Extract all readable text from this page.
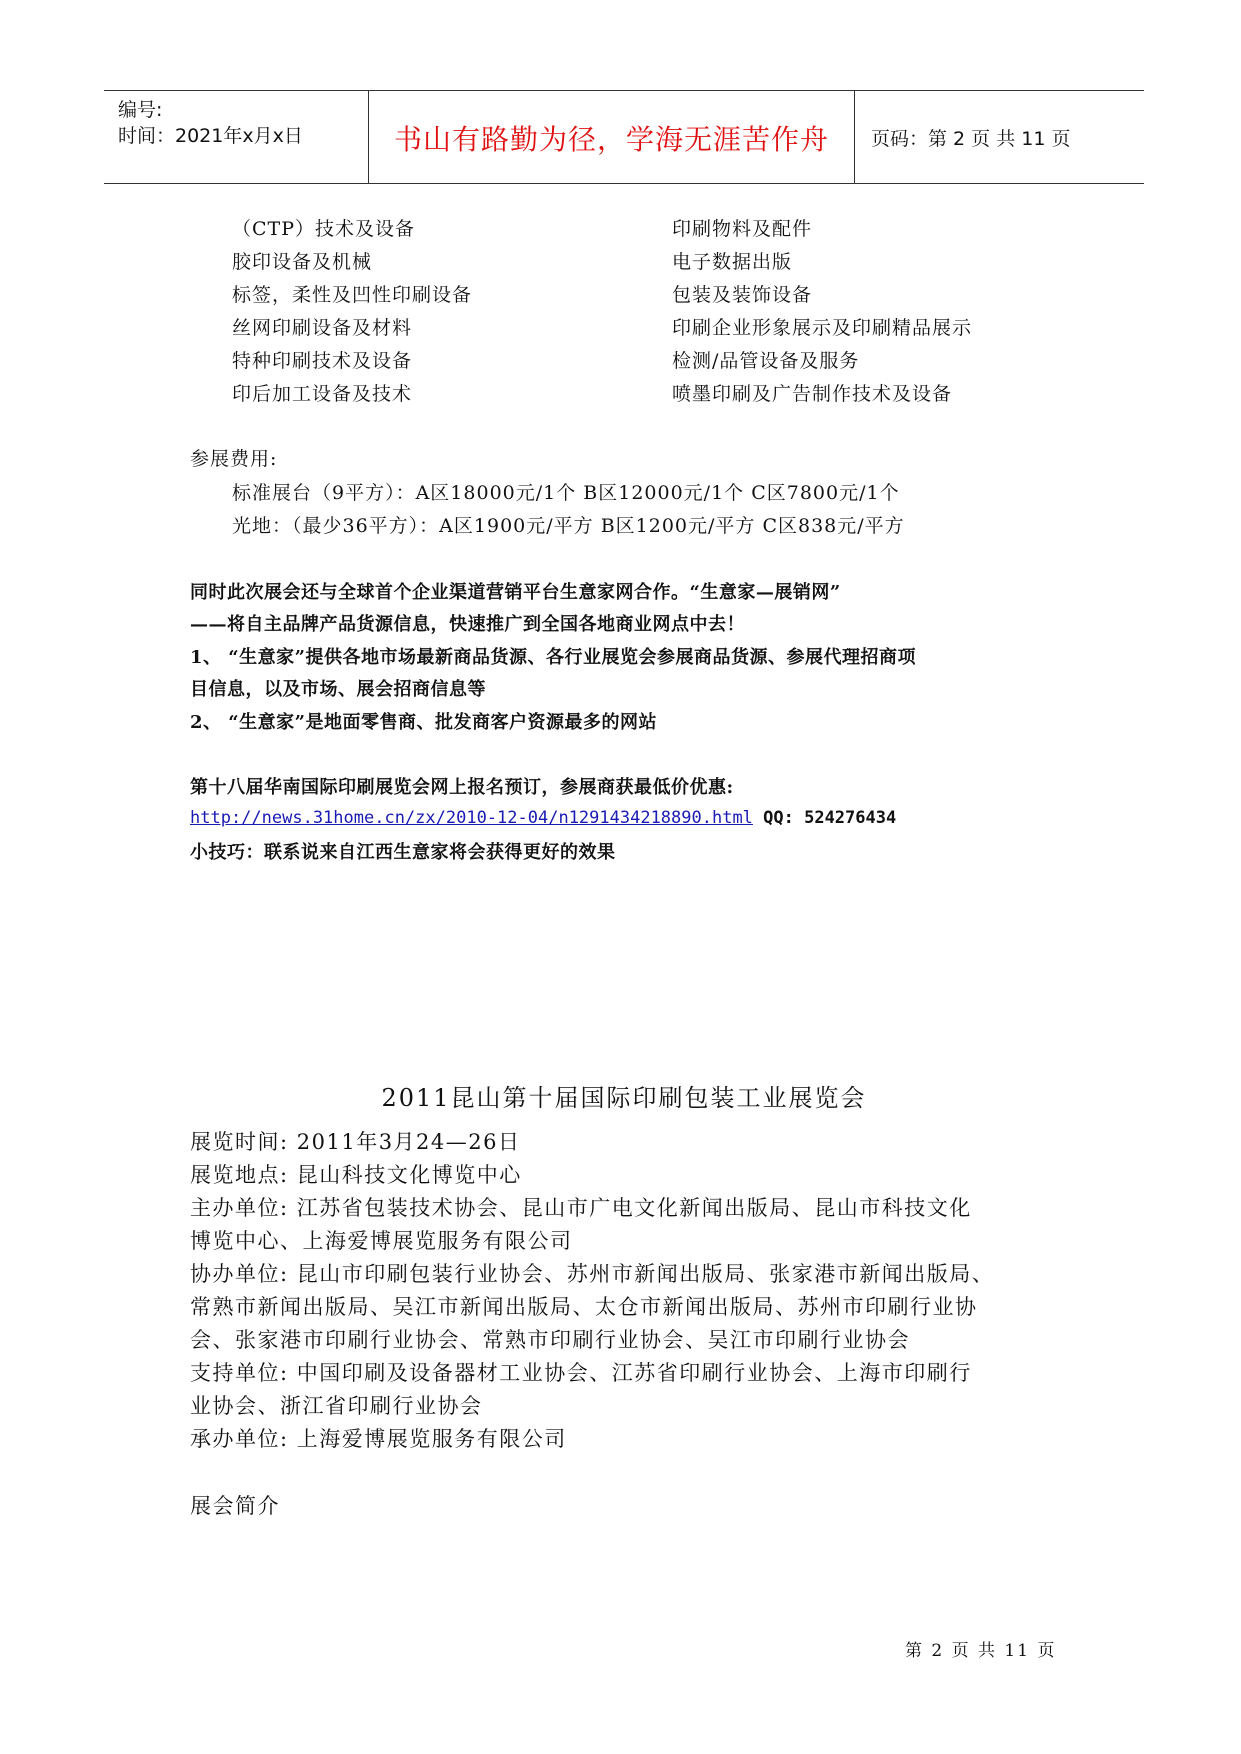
编号:
时间：2021年x月x日	书山有路勤为径，学海无涯苦作舟	页码：第 2 页 共 11 页
（CTP）技术及设备
胶印设备及机械
标签，柔性及凹性印刷设备
丝网印刷设备及材料
特种印刷技术及设备
印后加工设备及技术
印刷物料及配件
电子数据出版
包装及装饰设备
印刷企业形象展示及印刷精品展示
检测/品管设备及服务
喷墨印刷及广告制作技术及设备
参展费用:
标准展台（9平方）：A区18000元/1个 B区12000元/1个 C区7800元/1个
光地：（最少36平方）：A区1900元/平方 B区1200元/平方 C区838元/平方
同时此次展会还与全球首个企业渠道营销平台生意家网合作。“生意家—展销网”
——将自主品牌产品货源信息，快速推广到全国各地商业网点中去！
1、 “生意家”提供各地市场最新商品货源、各行业展览会参展商品货源、参展代理招商项
目信息，以及市场、展会招商信息等
2、 “生意家”是地面零售商、批发商客户资源最多的网站
第十八届华南国际印刷展览会网上报名预订，参展商获最低价优惠:
http://news.31home.cn/zx/2010-12-04/n1291434218890.html QQ: 524276434
小技巧：联系说来自江西生意家将会获得更好的效果
2011昆山第十届国际印刷包装工业展览会
展览时间: 2011年3月24—26日
展览地点: 昆山科技文化博览中心
主办单位: 江苏省包装技术协会、昆山市广电文化新闻出版局、昆山市科技文化
博览中心、上海爱博展览服务有限公司
协办单位: 昆山市印刷包装行业协会、苏州市新闻出版局、张家港市新闻出版局、
常熟市新闻出版局、吴江市新闻出版局、太仓市新闻出版局、苏州市印刷行业协
会、张家港市印刷行业协会、常熟市印刷行业协会、吴江市印刷行业协会
支持单位: 中国印刷及设备器材工业协会、江苏省印刷行业协会、上海市印刷行
业协会、浙江省印刷行业协会
承办单位: 上海爱博展览服务有限公司
展会简介
第 2 页 共 11 页
